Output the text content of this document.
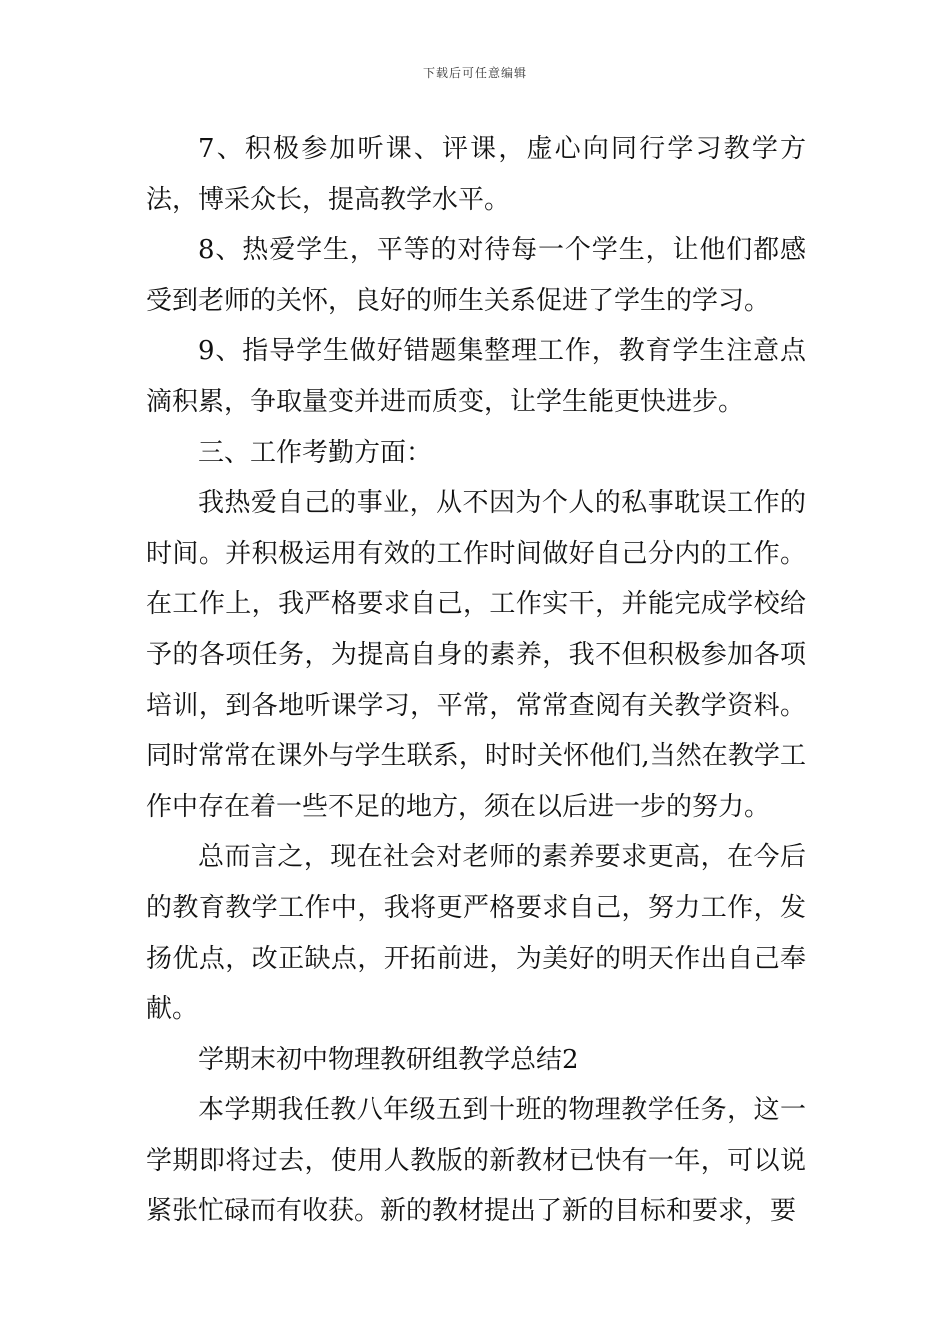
下载后可任意编辑

7、积极参加听课、评课，虚心向同行学习教学方法，博采众长，提高教学水平。

8、热爱学生，平等的对待每一个学生，让他们都感受到老师的关怀，良好的师生关系促进了学生的学习。

9、指导学生做好错题集整理工作，教育学生注意点滴积累，争取量变并进而质变，让学生能更快进步。

三、工作考勤方面：

我热爱自己的事业，从不因为个人的私事耽误工作的时间。并积极运用有效的工作时间做好自己分内的工作。在工作上，我严格要求自己，工作实干，并能完成学校给予的各项任务，为提高自身的素养，我不但积极参加各项培训，到各地听课学习，平常，常常查阅有关教学资料。同时常常在课外与学生联系，时时关怀他们,当然在教学工作中存在着一些不足的地方，须在以后进一步的努力。

总而言之，现在社会对老师的素养要求更高，在今后的教育教学工作中，我将更严格要求自己，努力工作，发扬优点，改正缺点，开拓前进，为美好的明天作出自己奉献。

学期末初中物理教研组教学总结2

本学期我任教八年级五到十班的物理教学任务，这一学期即将过去，使用人教版的新教材已快有一年，可以说紧张忙碌而有收获。新的教材提出了新的目标和要求，要
